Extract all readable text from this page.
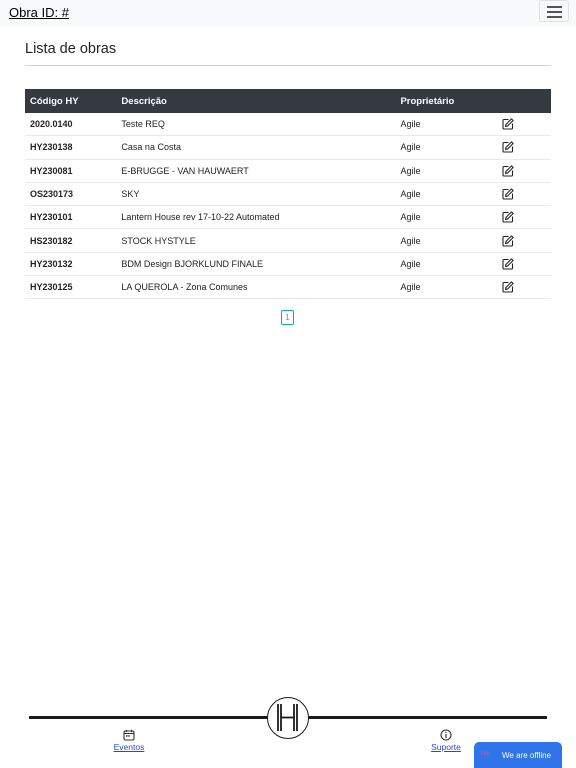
Obra ID: #
Lista de obras
Código HY	Descrição	Proprietário	
2020.0140	Teste REQ	Agile	
HY230138	Casa na Costa	Agile	
HY230081	E-BRUGGE - VAN HAUWAERT	Agile	
OS230173	SKY	Agile	
HY230101	Lantern House rev 17-10-22 Automated	Agile	
HS230182	STOCK HYSTYLE	Agile	
HY230132	BDM Design BJORKLUND FINALE	Agile	
HY230125	LA QUEROLA - Zona Comunes	Agile	
1
Eventos	Suporte
live We are offline
